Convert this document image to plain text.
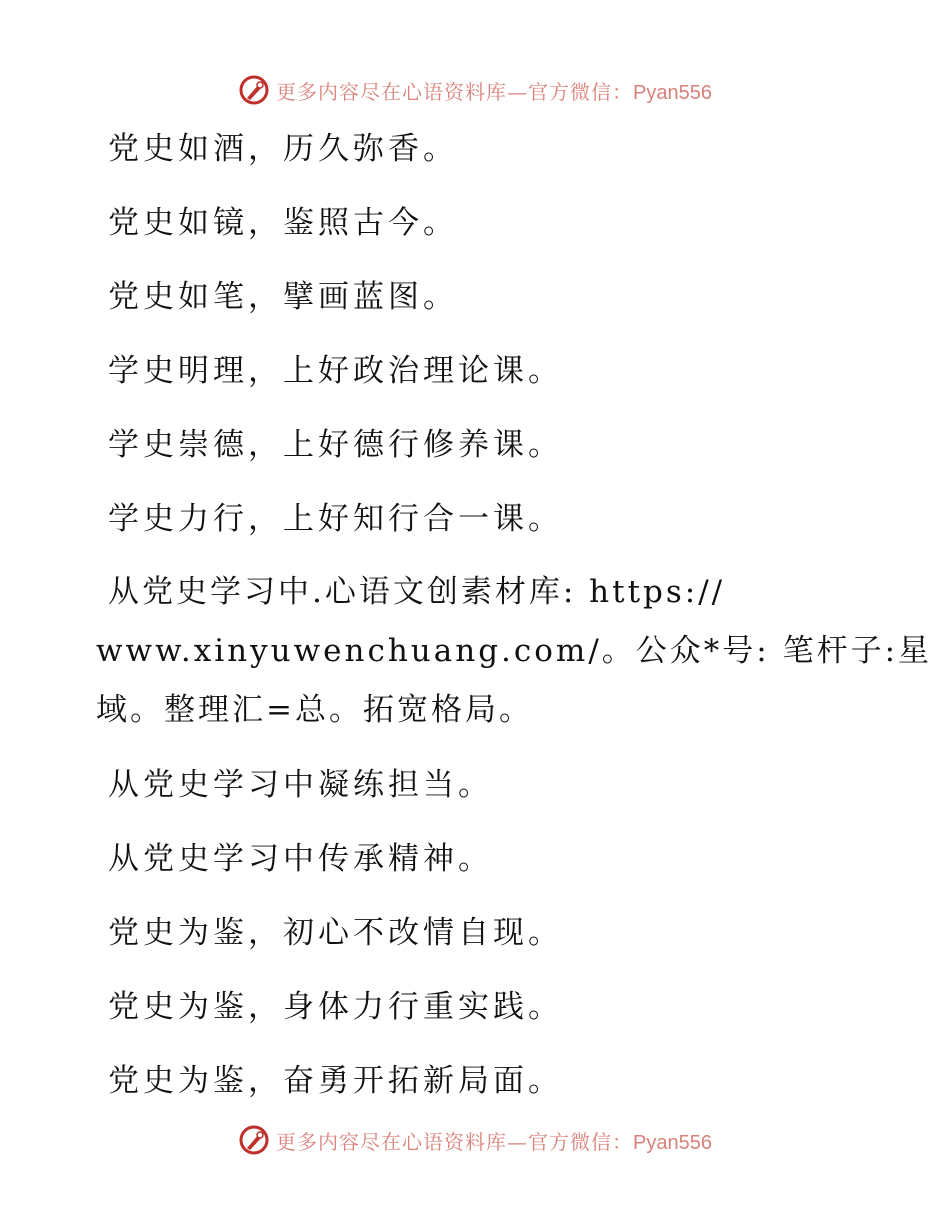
更多内容尽在心语资料库—官方微信：Pyan556
党史如酒，历久弥香。
党史如镜，鉴照古今。
党史如笔，擘画蓝图。
学史明理，上好政治理论课。
学史崇德，上好德行修养课。
学史力行，上好知行合一课。
从党史学习中.心语文创素材库: https://
www.xinyuwenchuang.com/。公众*号: 笔杆子:星
域。整理汇=总。拓宽格局。
从党史学习中凝练担当。
从党史学习中传承精神。
党史为鉴，初心不改情自现。
党史为鉴，身体力行重实践。
党史为鉴，奋勇开拓新局面。
更多内容尽在心语资料库—官方微信：Pyan556
